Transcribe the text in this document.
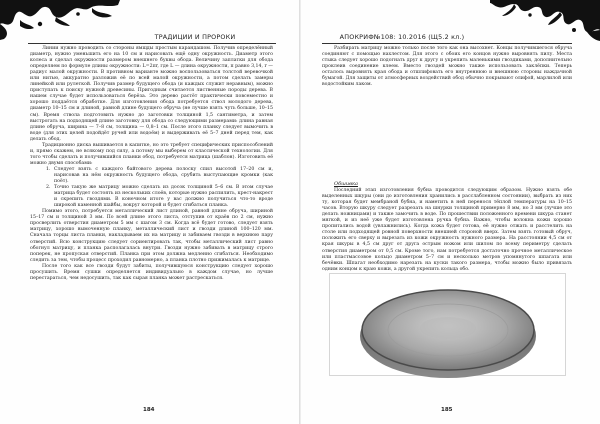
ТРАДИЦИИ И ПРОРОКИ

Линии нужно проводить со стороны ямщды простым карандашом. Получив определённый диаметр, нужно уменьшить его на 10 см и нарисовать ещё одну окружность. Диаметр этого колеса и сделал окружности размером внешнего буквы обода. Величину заплатки для обода определяем по формуле длины окружности: L=2πr, где L — длина окружности, π равно 3,14, r — радиус малой окружности. В противном варианте можно воспользоваться толстой веревочкой или нитью, аккуратно разложив её по всей малой окружности, а потом сделать замеры линейкой или рулеткой. Получив размер будущего обода (и каждых служит неравным), можно приступать к поиску нужной древесины. Пригодным считается лиственные породы дерева. В нашем случае будет использоваться берёза. Это дерево растёт практически повсеместно и хорошо поддаётся обработке. Для изготовления обода потребуется ствол молодого дерева, диаметр 10–15 см и длиной, равной длине будущего обруча (не лучше взять чуть больше, 10–15 см). Время ствола подготовить нужно до заготовки толщиной 1,5 сантиметра, и затем выстрогать на подходящей длине заготовку для обода со следующими размерами: длина равная длине обруча, ширина — 7–8 см, толщина — 0,8–1 см. После этого планку следует вымочить в воде (для этих целей подойдёт ручей или водоём) и выдерживать её 5–7 дней перед тем, как делать обод.

Традиционно диска вышивается в капитке, но это требует специфических приспособлений и, прямо скажем, не всякому под силу, а потому мы выберем от классической технологии. Для того чтобы сделать и получившийся планки обод, потребуется матрица (шаблон). Изготовить её можно двумя способами:

1. Следует взять с каждого байтового дерева полоску спил высотой 17–20 см и, нарисовав на нём окружность будущего обода, срубить выступающие кромки (как поёт).
2. Точно такую же матрицу можно сделать из досок толщиной 5–6 см. В этом случае матрица будет состоять из нескольких слоёв, которые нужно распилить, крест-накрест и скрепить гвоздями. В конечном итоге у вас должно получиться что-то вроде широкой каменной шайбы, вокруг которой и будет сгибаться планка.

Помимо этого, потребуется металлический лист длиной, равной длине обруча, шириной 15–17 см и толщиной 3 мм. По всей длине этого листа, отступив от краёв по 2 см, нужно просверлить отверстия диаметром 5 мм с шагом 3 см. Когда всё будет готово, следует взять матрицу, хорошо вымоченную планку, металлический лист и гвозди длиной 100–120 мм. Сначала торцы листа планки, накладываем их на матрицу и забиваем гвозди в верхнюю пару отверстий. Всю конструкцию следует сориентировать так, чтобы металлический лист равно обогнул матрицу, и планка располагалась внутри. Гвозди нужно забивать в матрицу строго поперек, не пропуская отверстий. Планка при этом должна медленно сгибаться. Необходимо следить за тем, чтобы процесс проходил равномерно, а планка плотно прижималась к матрице.

После того как все гвозди будут забиты, получившуюся конструкцию следует хорошо просушить. Время сушки определяется индивидуально в каждом случае, но лучше перестараться, чем недосушить, так как сырая планка может растрескаться.

184
АПОКРИФ№108: 10.2016 (Щ5.2 кл.)

Разбирать матрицу можно только после того как она высохнет. Концы получившегося обруча соединяют с помощью нахлестом. Для этого с обоих его концов нужно выровнять пилу. Места стыка следует хорошо подогнать друг к другу и укрепить маленькими гвоздиками, дополнительно проклеив соединение клеем. Вместо гвоздей можно также использовать заклёпки. Теперь осталось выровнять края обода и отшлифовать его внутреннюю и внешнюю стороны наждачной бумагой. Для защиты от атмосферных воздействий обод обычно покрывают олифой, марлилой или водостойким лаком.

Обшивка

Последний этап изготовления бубна проводится следующим образом. Нужно взять обе выделенных шкуры (они до изготовления хранились в расслабленном состоянии), выбрать из них ту, которая будет мембраной бубна, и наметить в ней перенося тёплой температуры на 10–15 часов. Вторую шкуру следует разрезать на шнурки толщиной примерно 8 мм, но 3 мм (лучше это делать ножницами) и также замочить в воде. По прошествии положенного времени шкура станет мягкой, и из неё уже будет изготовлена ручка бубна. Важно, чтобы волокна кожи хорошо пропитались водой (увлажнились). Когда кожа будет готова, её нужно отжать и расстелить на столе или подходящей ровной поверхности внешней стороной вверх. Затем взять готовый обруч, положить его сверху и вырезать из кожи окружность нужного размера. На расстоянии 4,5 см от края шкуры в 4,5 см друг от друга острым ножом или шилом по всему периметру сделать отверстия диаметром от 0,5 см. Кроме того, нам потребуется достаточно прочное металлическое или пластмассовое кольцо диаметром 5–7 см и несколько метров упомянутого шпагата или бечёвки. Шпагат необходимо нарезать на куски такого размера, чтобы можно было привязать одним концом к краю кожи, а другой укрепить кольца обо.

185
